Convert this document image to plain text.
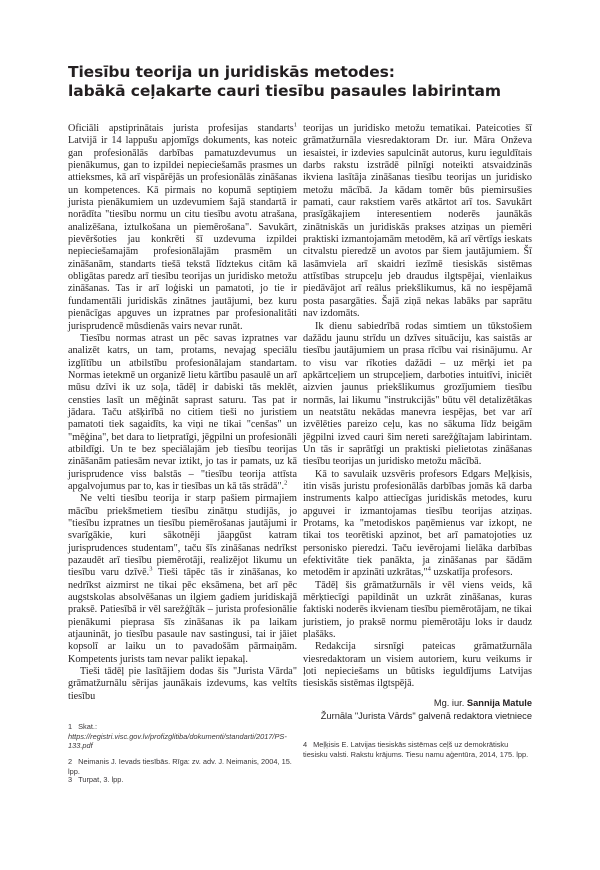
Tiesību teorija un juridiskās metodes:
labākā ceļakarte cauri tiesību pasaules labirintam

Oficiāli apstiprinātais jurista profesijas standarts$^1$ Latvijā ir 14 lappušu apjomīgs dokuments, kas noteic gan profesionālās darbības pamatuzdevumus un pienākumus, gan to izpildei nepieciešamās prasmes un attieksmes, kā arī vispārējās un profesionālās zināšanas un kompetences. Kā pirmais no kopumā septiņiem jurista pienākumiem un uzdevumiem šajā standartā ir norādīta "tiesību normu un citu tiesību avotu atrašana, analizēšana, iztulkošana un piemērošana". Savukārt, pievēršoties jau konkrēti šī uzdevuma izpildei nepieciešamajām profesionālajām prasmēm un zināšanām, standarts tiešā tekstā līdztekus citām kā obligātas paredz arī tiesību teorijas un juridisko metožu zināšanas. Tas ir arī loģiski un pamatoti, jo tie ir fundamentāli juridiskās zinātnes jautājumi, bez kuru pienācīgas apguves un izpratnes par profesionalitāti jurisprudencē mūsdienās vairs nevar runāt.

Tiesību normas atrast un pēc savas izpratnes var analizēt katrs, un tam, protams, nevajag speciālu izglītību un atbilstību profesionālajam standartam. Normas ietekmē un organizē lietu kārtību pasaulē un arī mūsu dzīvi ik uz soļa, tādēļ ir dabiski tās meklēt, censties lasīt un mēģināt saprast saturu. Tas pat ir jādara. Taču atšķirībā no citiem tieši no juristiem pamatoti tiek sagaidīts, ka viņi ne tikai "cenšas" un "mēģina", bet dara to lietpratīgi, jēgpilni un profesionāli atbildīgi. Un te bez speciālajām jeb tiesību teorijas zināšanām patiesām nevar iztikt, jo tas ir pamats, uz kā jurisprudence viss balstās – "tiesību teorija attīsta apgalvojumus par to, kas ir tiesības un kā tās strādā".$^2$

Ne velti tiesību teorija ir starp pašiem pirmajiem mācību priekšmetiem tiesību zinātņu studijās, jo "tiesību izpratnes un tiesību piemērošanas jautājumi ir svarīgākie, kuri sākotnēji jāapgūst katram jurisprudences studentam", taču šīs zināšanas nedrīkst pazaudēt arī tiesību piemērotāji, realizējot likumu un tiesību varu dzīvē.$^3$ Tieši tāpēc tās ir zināšanas, ko nedrīkst aizmirst ne tikai pēc eksāmena, bet arī pēc augstskolas absolvēšanas un ilgiem gadiem juridiskajā praksē. Patiesībā ir vēl sarežģītāk – juristа profesionālie pienākumi pieprasa šīs zināšanas ik pa laikam atjaunināt, jo tiesību pasaule nav sastingusi, tai ir jāiet kopsolī ar laiku un to pavadošām pārmaiņām. Kompetents jurists tam nevar palikt iepakaļ.

Tieši tādēļ pie lasītājiem dodas šis "Jurista Vārda" grāmatžurnālu sērijas jaunākais izdevums, kas veltīts tiesību

teorijas un juridisko metožu tematikai. Pateicoties šī grāmatžurnāla viesredaktoram Dr. iur. Mārа Onževa iesaistei, ir izdevies sapulcināt autorus, kuru ieguldītais darbs rakstu izstrādē pilnīgi noteikti atsvaidzinās ikviena lasītāja zināšanas tiesību teorijas un juridisko metožu mācībā. Ja kādam tomēr būs piemirsušies pamati, caur rakstiem varēs atkārtot arī tos. Savukārt prasīgākajiem interesentiem noderēs jaunākās zinātniskās un juridiskās prakses atziņas un piemēri praktiski izmantojamām metodēm, kā arī vērtīgs ieskats citvalstu pieredzē un avotos par šiem jautājumiem. Šī lasāmviela arī skaidri iezīmē tiesiskās sistēmas attīstības strupceļu jeb draudus ilgtspējai, vienlaikus piedāvājot arī reālus priekšlikumus, kā no iespējamā posta pasargāties. Šajā ziņā nekas labāks par saprātu nav izdomāts.

Ik dienu sabiedrībā rodas simtiem un tūkstošiem dažādu jaunu strīdu un dzīves situāciju, kas saistās ar tiesību jautājumiem un prasa rīcību vai risinājumu. Ar to visu var rīkoties dažādi – uz mērķi iet pa apkārtceļiem un strupceļiem, darboties intuitīvi, iniciēt aizvien jaunus priekšlikumus grozījumiem tiesību normās, lai likumu "instrukcijās" būtu vēl detalizētākas un neatstātu nekādas manevra iespējas, bet var arī izvēlēties pareizo ceļu, kas no sākuma līdz beigām jēgpilni izved cauri šim nereti sarežģītajam labirintam. Un tās ir saprātīgi un praktiski pielietotas zināšanas tiesību teorijas un juridisko metožu mācībā.

Kā to savulaik uzsvēris profesors Edgars Meļķisis, itin visās juristu profesionālās darbības jomās kā darba instruments kalpo attiecīgas juridiskās metodes, kuru apguvei ir izmantojamas tiesību teorijas atziņas. Protams, ka "metodiskos paņēmienus var izkopt, ne tikai tos teorētiski apzinot, bet arī pamatojoties uz personisko pieredzi. Taču ievērojami lielāka darbības efektivitāte tiek panākta, ja zināšanas par šādām metodēm ir apzināti uzkrātas,"$^4$ uzskatīja profesors.

Tādēļ šis grāmatžurnāls ir vēl viens veids, kā mērķtiecīgi papildināt un uzkrāt zināšanas, kuras faktiski noderēs ikvienam tiesību piemērotājam, ne tikai juristiem, jo praksē normu piemērotāju loks ir daudz plašāks.

Redakcija sirsnīgi pateicas grāmatžurnāla viesredaktoram un visiem autoriem, kuru veikums ir ļoti nepieciešams un būtisks ieguldījums Latvijas tiesiskās sistēmas ilgtspējā.

Mg. iur. Sannija Matule
Žurnāla "Jurista Vārds" galvenā redaktora vietniece
1 Skat.: https://registri.visc.gov.lv/profizglitiba/dokumenti/standarti/2017/PS-133.pdf
2 Neimanis J. Ievads tiesībās. Rīga: zv. adv. J. Neimanis, 2004, 15. lpp.
3 Turpat, 3. lpp.
4 Meļķisis E. Latvijas tiesiskās sistēmas ceļš uz demokrātisku tiesisku valsti. Rakstu krājums. Tiesu namu aģentūra, 2014, 175. lpp.
